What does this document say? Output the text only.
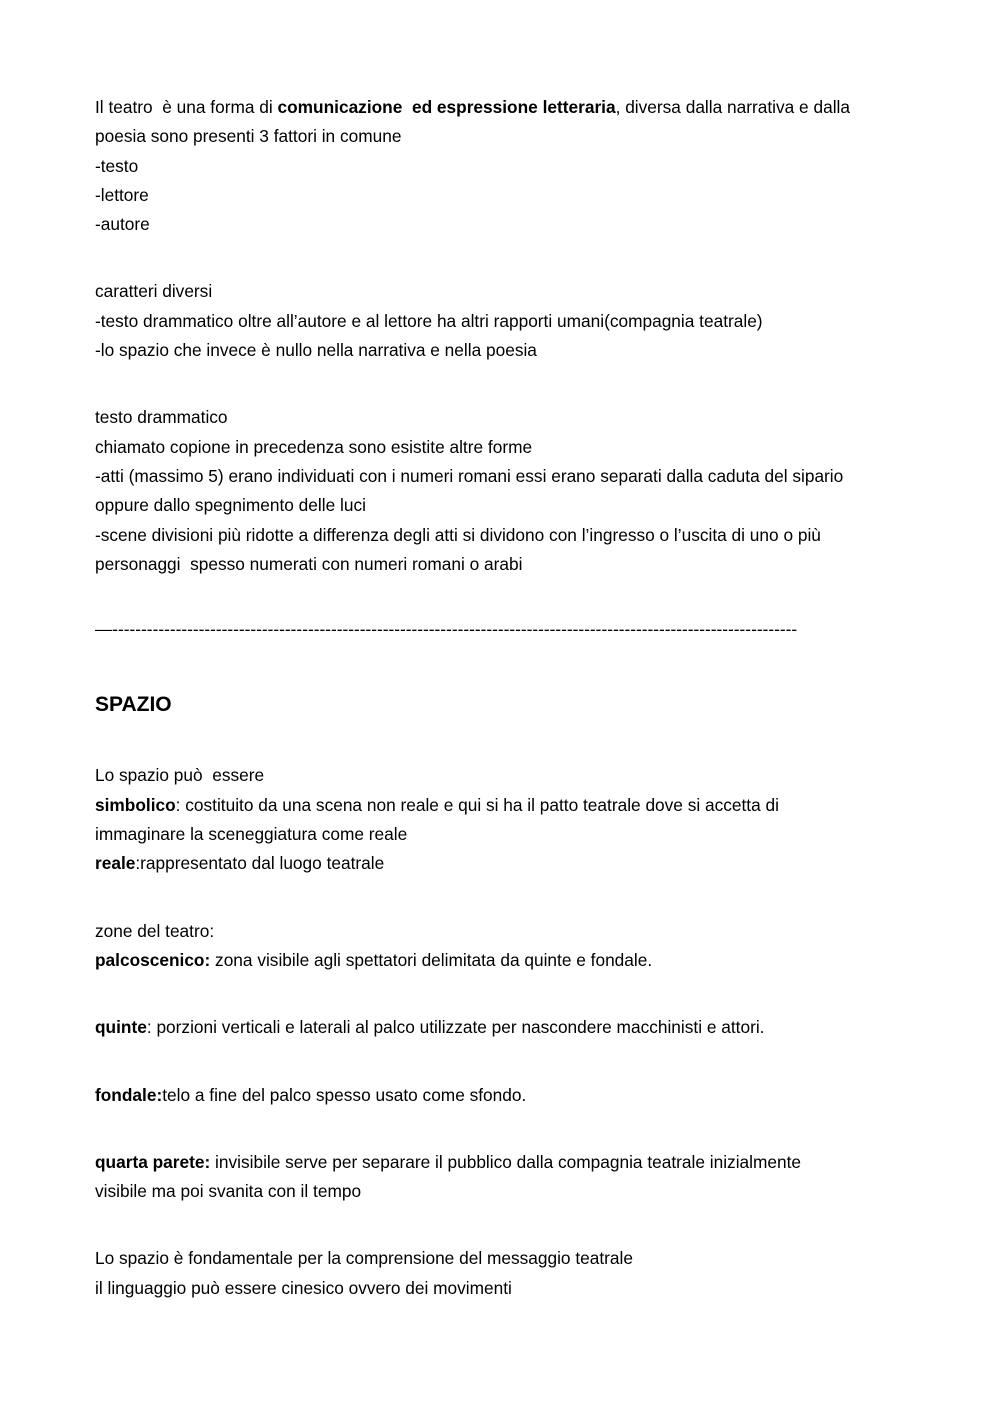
Il teatro  è una forma di comunicazione  ed espressione letteraria, diversa dalla narrativa e dalla
poesia sono presenti 3 fattori in comune
-testo
-lettore
-autore
caratteri diversi
-testo drammatico oltre all’autore e al lettore ha altri rapporti umani(compagnia teatrale)
-lo spazio che invece è nullo nella narrativa e nella poesia
testo drammatico
chiamato copione in precedenza sono esistite altre forme
-atti (massimo 5) erano individuati con i numeri romani essi erano separati dalla caduta del sipario
oppure dallo spegnimento delle luci
-scene divisioni più ridotte a differenza degli atti si dividono con l’ingresso o l’uscita di uno o più
personaggi  spesso numerati con numeri romani o arabi
—-----------------------------------------------------------------------------------------------------------------------
SPAZIO
Lo spazio può  essere
simbolico: costituito da una scena non reale e qui si ha il patto teatrale dove si accetta di
immaginare la sceneggiatura come reale
reale:rappresentato dal luogo teatrale
zone del teatro:
palcoscenico: zona visibile agli spettatori delimitata da quinte e fondale.
quinte: porzioni verticali e laterali al palco utilizzate per nascondere macchinisti e attori.
fondale:telo a fine del palco spesso usato come sfondo.
quarta parete: invisibile serve per separare il pubblico dalla compagnia teatrale inizialmente
visibile ma poi svanita con il tempo
Lo spazio è fondamentale per la comprensione del messaggio teatrale
il linguaggio può essere cinesico ovvero dei movimenti
